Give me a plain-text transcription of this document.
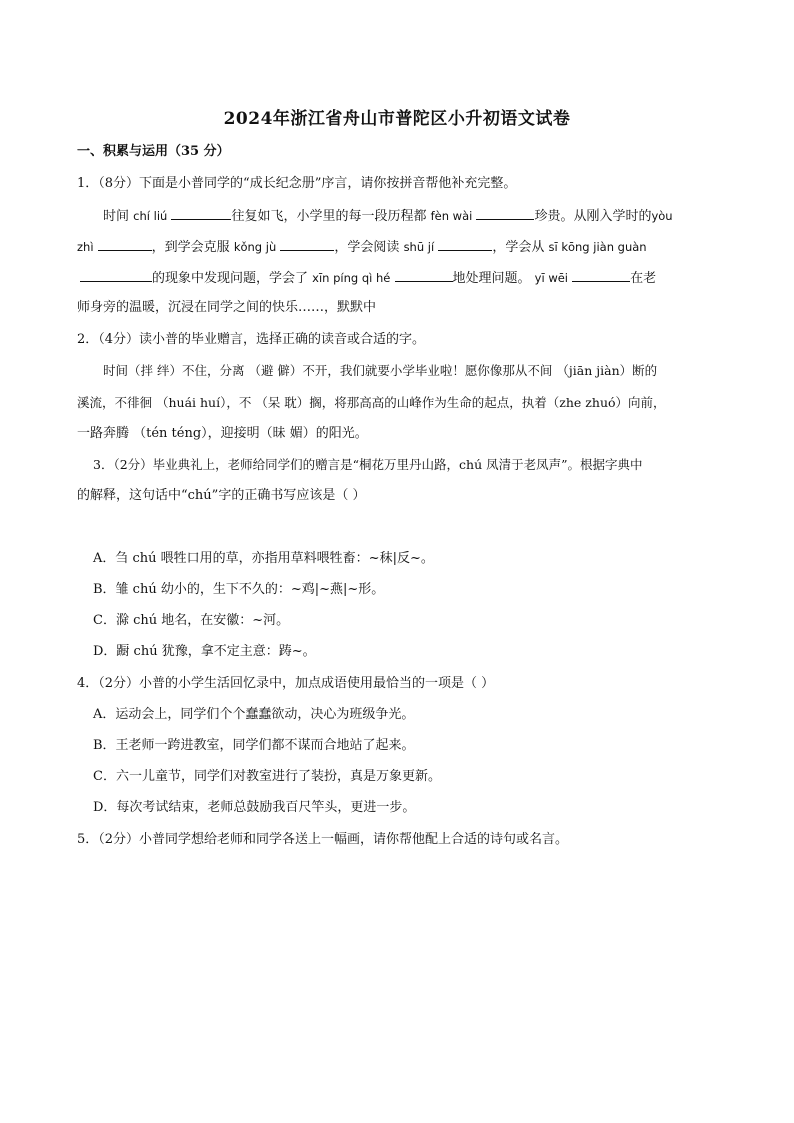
2024年浙江省舟山市普陀区小升初语文试卷
一、积累与运用（35 分）
1．（8分）下面是小普同学的“成长纪念册”序言，请你按拼音帮他补充完整。
时间 chí liú	往复如飞，小学里的每一段历程都 fèn wài	珍贵。从刚入学时的yòu
zhì	，到学会克服 kǒng jù	，学会阅读 shū jí	，学会从 sī kōng jiàn guàn
的现象中发现问题，学会了 xīn píng qì hé	地处理问题。 yī wēi	在老
师身旁的温暖，沉浸在同学之间的快乐……，默默中
2．（4分）读小普的毕业赠言，选择正确的读音或合适的字。
时间（拌 绊）不住，分离 （避 僻）不开，我们就要小学毕业啦！愿你像那从不间 （jiān jiàn）断的
溪流，不徘徊 （huái huí），不 （呆 耽）搁，将那高高的山峰作为生命的起点，执着（zhe zhuó）向前，
一路奔腾 （tén téng），迎接明（昧 媚）的阳光。
3．（2分）毕业典礼上，老师给同学们的赠言是“桐花万里丹山路，chú 凤清于老凤声”。根据字典中
的解释，这句话中“chú”字的正确书写应该是（ ）
A．刍 chú 喂牲口用的草，亦指用草料喂牲畜：~秣|反~。
B．雏 chú 幼小的，生下不久的：~鸡|~燕|~形。
C．滁 chú 地名，在安徽：~河。
D．蹰 chú 犹豫，拿不定主意：踌~。
4．（2分）小普的小学生活回忆录中，加点成语使用最恰当的一项是（ ）
A．运动会上，同学们个个蠢蠢欲动，决心为班级争光。
B．王老师一跨进教室，同学们都不谋而合地站了起来。
C．六一儿童节，同学们对教室进行了装扮，真是万象更新。
D．每次考试结束，老师总鼓励我百尺竿头，更进一步。
5．（2分）小普同学想给老师和同学各送上一幅画，请你帮他配上合适的诗句或名言。
